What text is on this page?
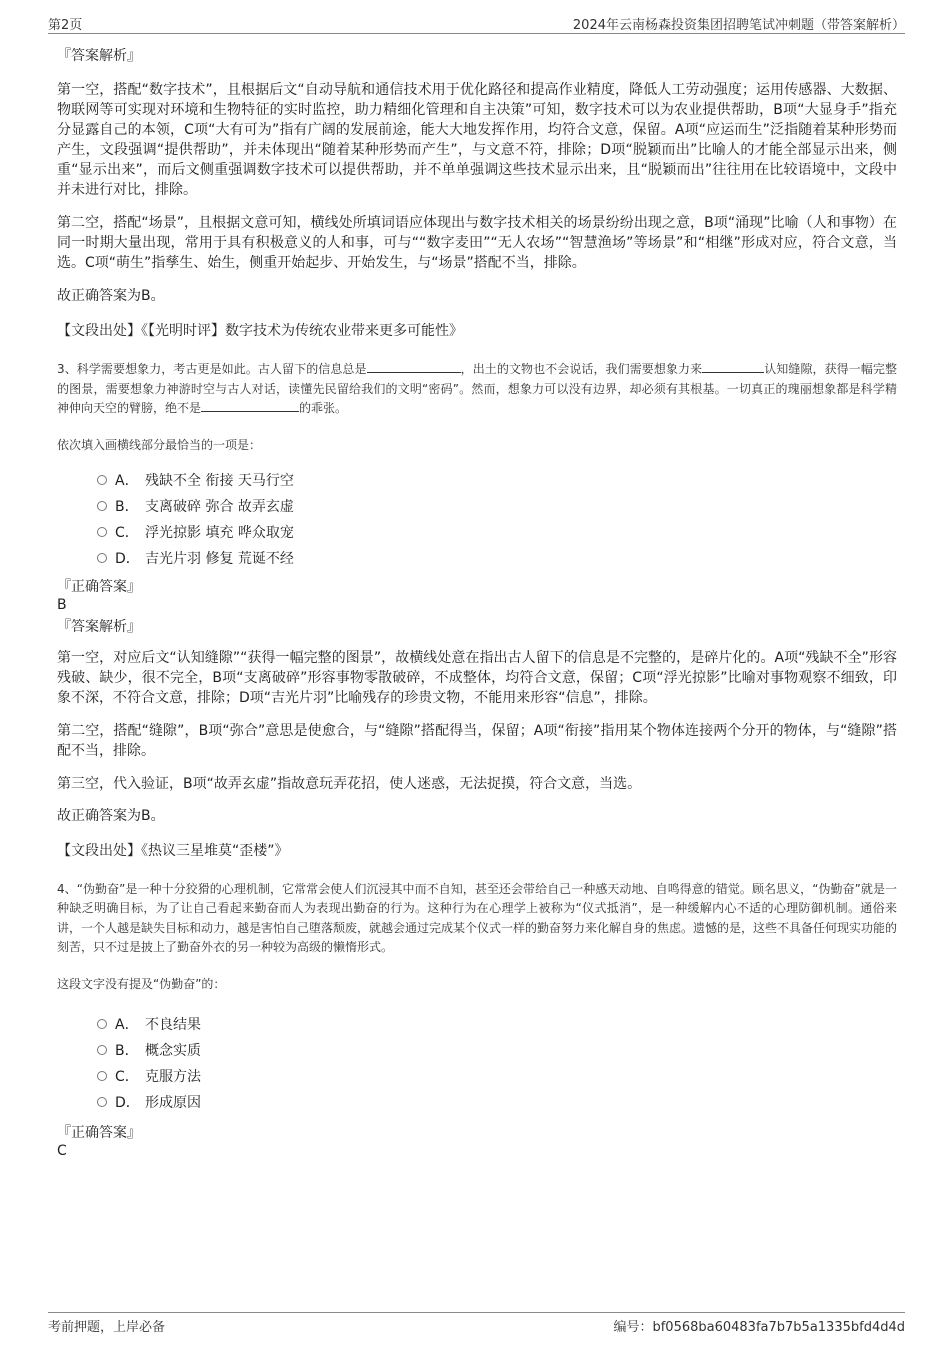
第2页	2024年云南杨森投资集团招聘笔试冲刺题（带答案解析）
『答案解析』

第一空，搭配“数字技术”，且根据后文“自动导航和通信技术用于优化路径和提高作业精度，降低人工劳动强度；运用传感器、大数据、物联网等可实现对环境和生物特征的实时监控，助力精细化管理和自主决策”可知，数字技术可以为农业提供帮助，B项“大显身手”指充分显露自己的本领，C项“大有可为”指有广阔的发展前途，能大大地发挥作用，均符合文意，保留。A项“应运而生”泛指随着某种形势而产生，文段强调“提供帮助”，并未体现出“随着某种形势而产生”，与文意不符，排除；D项“脱颖而出”比喻人的才能全部显示出来，侧重“显示出来”，而后文侧重强调数字技术可以提供帮助，并不单单强调这些技术显示出来，且“脱颖而出”往往用在比较语境中，文段中并未进行对比，排除。

第二空，搭配“场景”，且根据文意可知，横线处所填词语应体现出与数字技术相关的场景纷纷出现之意，B项“涌现”比喻（人和事物）在同一时期大量出现，常用于具有积极意义的人和事，可与““数字麦田”“无人农场”“智慧渔场”等场景”和“相继”形成对应，符合文意，当选。C项“萌生”指孳生、始生，侧重开始起步、开始发生，与“场景”搭配不当，排除。

故正确答案为B。

【文段出处】《【光明时评】数字技术为传统农业带来更多可能性》

3、科学需要想象力，考古更是如此。古人留下的信息总是	，出土的文物也不会说话，我们需要想象力来	认知缝隙，获得一幅完整的图景，需要想象力神游时空与古人对话，读懂先民留给我们的文明“密码”。然而，想象力可以没有边界，却必须有其根基。一切真正的瑰丽想象都是科学精神伸向天空的臂膀，绝不是	的乖张。

依次填入画横线部分最恰当的一项是：

A． 残缺不全 衔接 天马行空
B． 支离破碎 弥合 故弄玄虚
C． 浮光掠影 填充 哗众取宠
D． 吉光片羽 修复 荒诞不经
『正确答案』
B
『答案解析』

第一空，对应后文“认知缝隙”“获得一幅完整的图景”，故横线处意在指出古人留下的信息是不完整的，是碎片化的。A项“残缺不全”形容残破、缺少，很不完全，B项“支离破碎”形容事物零散破碎，不成整体，均符合文意，保留；C项“浮光掠影”比喻对事物观察不细致，印象不深，不符合文意，排除；D项“吉光片羽”比喻残存的珍贵文物，不能用来形容“信息”，排除。

第二空，搭配“缝隙”，B项“弥合”意思是使愈合，与“缝隙”搭配得当，保留；A项“衔接”指用某个物体连接两个分开的物体，与“缝隙”搭配不当，排除。

第三空，代入验证，B项“故弄玄虚”指故意玩弄花招，使人迷惑，无法捉摸，符合文意，当选。

故正确答案为B。

【文段出处】《热议三星堆莫“歪楼”》

4、“伪勤奋”是一种十分狡猾的心理机制，它常常会使人们沉浸其中而不自知，甚至还会带给自己一种感天动地、自鸣得意的错觉。顾名思义，“伪勤奋”就是一种缺乏明确目标，为了让自己看起来勤奋而人为表现出勤奋的行为。这种行为在心理学上被称为“仪式抵消”，是一种缓解内心不适的心理防御机制。通俗来讲，一个人越是缺失目标和动力，越是害怕自己堕落颓废，就越会通过完成某个仪式一样的勤奋努力来化解自身的焦虑。遗憾的是，这些不具备任何现实功能的刻苦，只不过是披上了勤奋外衣的另一种较为高级的懒惰形式。

这段文字没有提及“伪勤奋”的：

A． 不良结果
B． 概念实质
C． 克服方法
D． 形成原因
『正确答案』
C
考前押题，上岸必备	编号：bf0568ba60483fa7b7b5a1335bfd4d4d
